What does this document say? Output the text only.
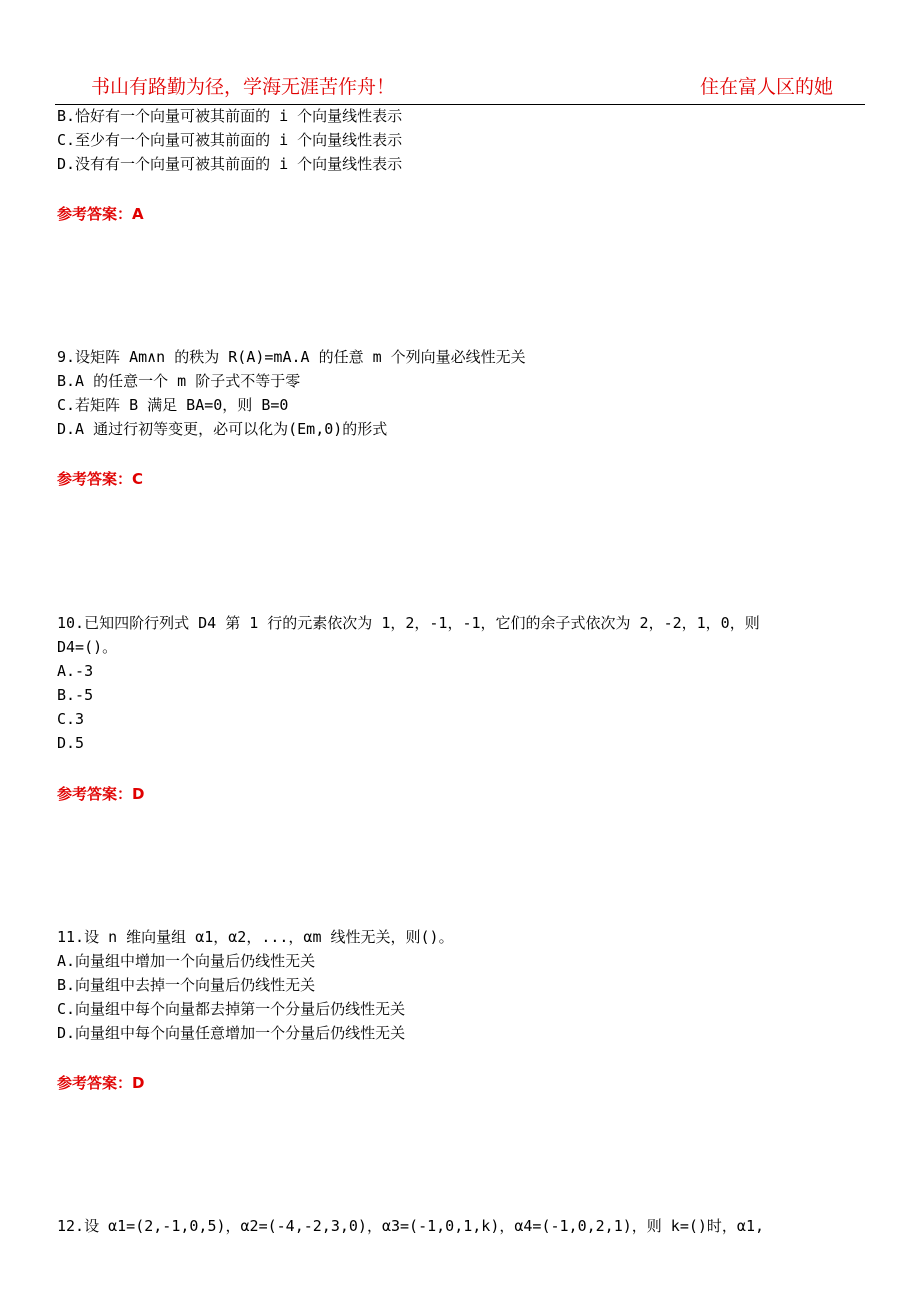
书山有路勤为径，学海无涯苦作舟！	住在富人区的她
B.恰好有一个向量可被其前面的 i 个向量线性表示
C.至少有一个向量可被其前面的 i 个向量线性表示
D.没有有一个向量可被其前面的 i 个向量线性表示
参考答案：A
9.设矩阵 Am∧n 的秩为 R(A)=mA.A 的任意 m 个列向量必线性无关
B.A 的任意一个 m 阶子式不等于零
C.若矩阵 B 满足 BA=0，则 B=0
D.A 通过行初等变更，必可以化为(Em,0)的形式
参考答案：C
10.已知四阶行列式 D4 第 1 行的元素依次为 1，2，-1，-1，它们的余子式依次为 2，-2，1，0，则
D4=()。
A.-3
B.-5
C.3
D.5
参考答案：D
11.设 n 维向量组 α1，α2，...，αm 线性无关，则()。
A.向量组中增加一个向量后仍线性无关
B.向量组中去掉一个向量后仍线性无关
C.向量组中每个向量都去掉第一个分量后仍线性无关
D.向量组中每个向量任意增加一个分量后仍线性无关
参考答案：D
12.设 α1=(2,-1,0,5)，α2=(-4,-2,3,0)，α3=(-1,0,1,k)，α4=(-1,0,2,1)，则 k=()时，α1,
